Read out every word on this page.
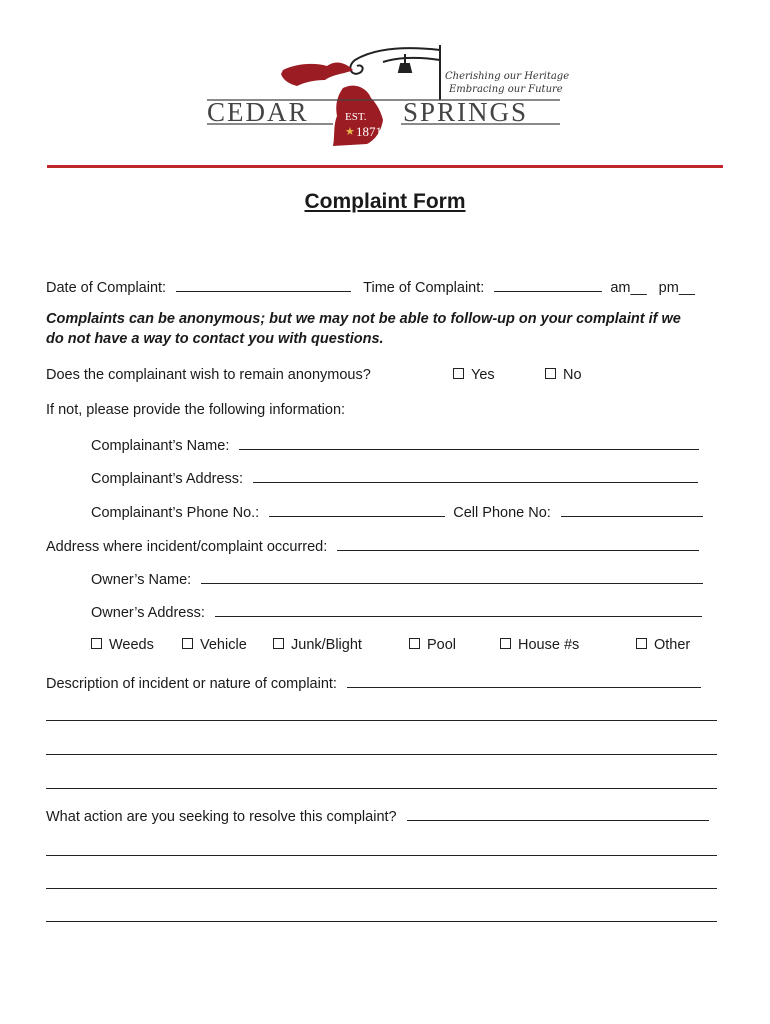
CEDAR	SPRINGS
EST.
★ 1871
Cherishing our Heritage
Embracing our Future
Complaint Form
Date of Complaint:	Time of Complaint:	am__ pm__
Complaints can be anonymous; but we may not be able to follow-up on your complaint if we
do not have a way to contact you with questions.
Does the complainant wish to remain anonymous?	Yes	No
If not, please provide the following information:
Complainant’s Name:
Complainant’s Address:
Complainant’s Phone No.:	Cell Phone No:
Address where incident/complaint occurred:
Owner’s Name:
Owner’s Address:
Weeds	Vehicle	Junk/Blight	Pool	House #s	Other
Description of incident or nature of complaint:
What action are you seeking to resolve this complaint?
